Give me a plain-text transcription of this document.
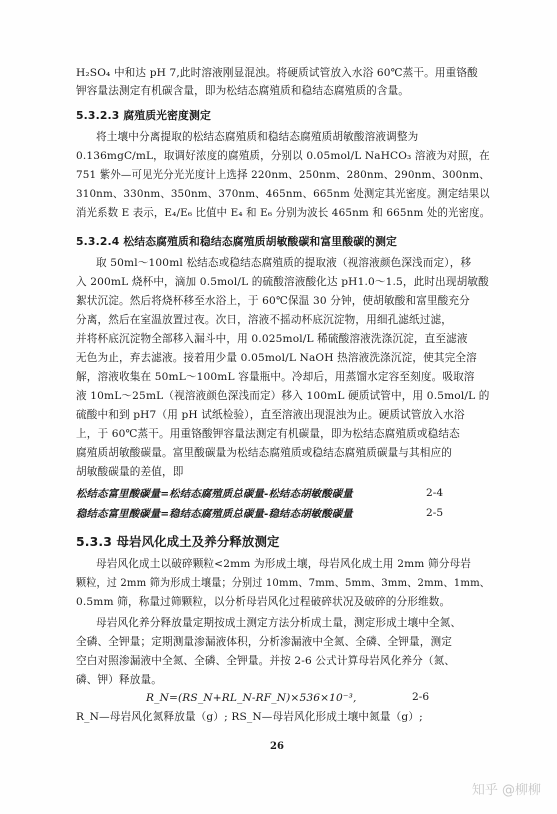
H₂SO₄ 中和达 pH 7,此时溶液刚显混浊。将硬质试管放入水浴 60℃蒸干。用重铬酸
钾容量法测定有机碳含量，即为松结态腐殖质和稳结态腐殖质的含量。
5.3.2.3 腐殖质光密度测定
将土壤中分离提取的松结态腐殖质和稳结态腐殖质胡敏酸溶液调整为
0.136mgC/mL，取调好浓度的腐殖质，分别以 0.05mol/L NaHCO₃ 溶液为对照，在
751 紫外—可见光分光光度计上选择 220nm、250nm、280nm、290nm、300nm、
310nm、330nm、350nm、370nm、465nm、665nm 处测定其光密度。测定结果以
消光系数 E 表示，E₄/E₆ 比值中 E₄ 和 E₆ 分别为波长 465nm 和 665nm 处的光密度。
5.3.2.4 松结态腐殖质和稳结态腐殖质胡敏酸碳和富里酸碳的测定
取 50ml～100ml 松结态或稳结态腐殖质的提取液（视溶液颜色深浅而定），移
入 200mL 烧杯中，滴加 0.5mol/L 的硫酸溶液酸化达 pH1.0～1.5，此时出现胡敏酸
絮状沉淀。然后将烧杯移至水浴上，于 60℃保温 30 分钟，使胡敏酸和富里酸充分
分离，然后在室温放置过夜。次日，溶液不摇动杯底沉淀物，用细孔滤纸过滤，
并将杯底沉淀物全部移入漏斗中，用 0.025mol/L 稀硫酸溶液洗涤沉淀，直至滤液
无色为止，弃去滤液。接着用少量 0.05mol/L NaOH 热溶液洗涤沉淀，使其完全溶
解，溶液收集在 50mL～100mL 容量瓶中。冷却后，用蒸馏水定容至刻度。吸取溶
液 10mL～25mL（视溶液颜色深浅而定）移入 100mL 硬质试管中，用 0.5mol/L 的
硫酸中和到 pH7（用 pH 试纸检验），直至溶液出现混浊为止。硬质试管放入水浴
上，于 60℃蒸干。用重铬酸钾容量法测定有机碳量，即为松结态腐殖质或稳结态
腐殖质胡敏酸碳量。富里酸碳量为松结态腐殖质或稳结态腐殖质碳量与其相应的
胡敏酸碳量的差值，即
松结态富里酸碳量=松结态腐殖质总碳量-松结态胡敏酸碳量	2-4
稳结态富里酸碳量=稳结态腐殖质总碳量-稳结态胡敏酸碳量	2-5
5.3.3 母岩风化成土及养分释放测定
母岩风化成土以破碎颗粒<2mm 为形成土壤，母岩风化成土用 2mm 筛分母岩
颗粒，过 2mm 筛为形成土壤量；分别过 10mm、7mm、5mm、3mm、2mm、1mm、
0.5mm 筛，称量过筛颗粒，以分析母岩风化过程破碎状况及破碎的分形维数。
母岩风化养分释放量定期按成土测定方法分析成土量，测定形成土壤中全氮、
全磷、全钾量；定期测量渗漏液体积，分析渗漏液中全氮、全磷、全钾量，测定
空白对照渗漏液中全氮、全磷、全钾量。并按 2-6 公式计算母岩风化养分（氮、
磷、钾）释放量。
R_N=(RS_N+RL_N-RF_N)×536×10⁻³,	2-6
R_N—母岩风化氮释放量（g）; RS_N—母岩风化形成土壤中氮量（g）;
26
知乎 @柳柳
